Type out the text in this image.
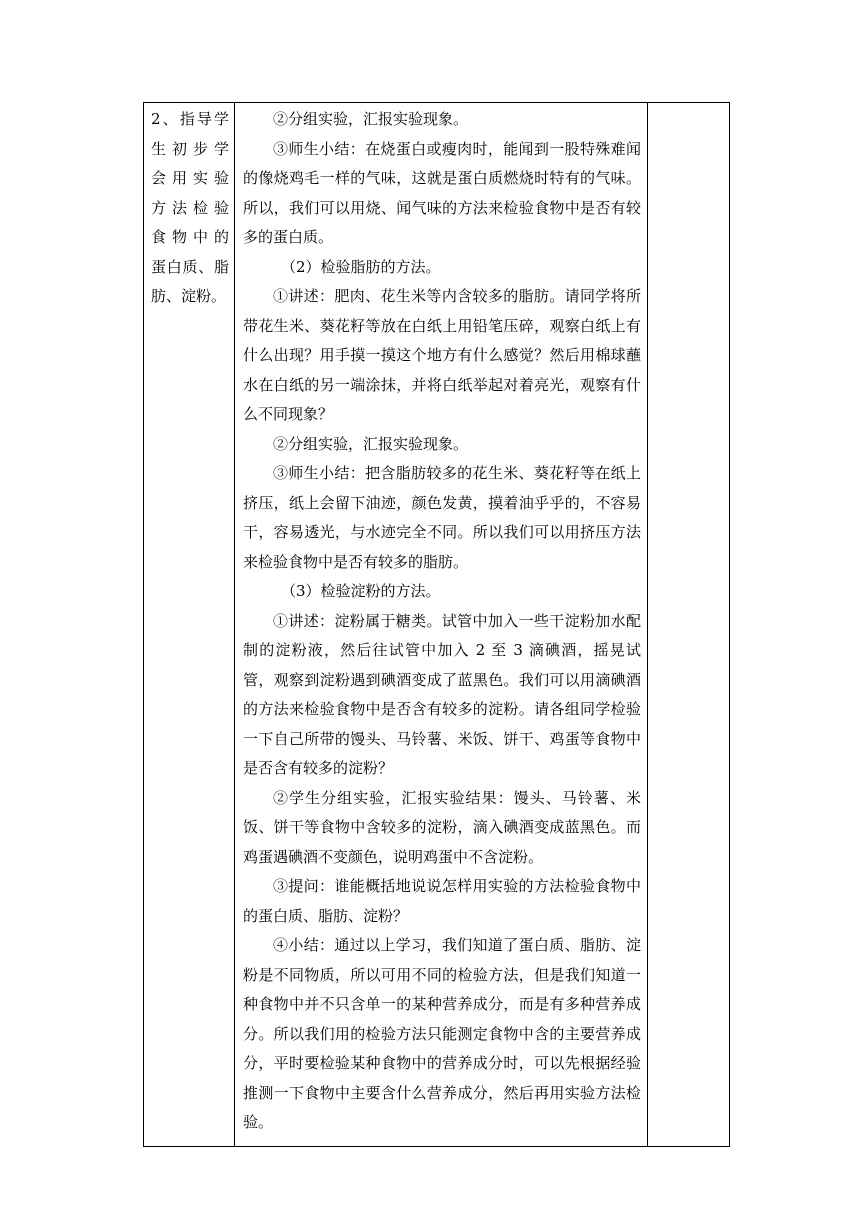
2、指导学
生初步学
会用实验
方法检验
食物中的
蛋白质、脂
肪、淀粉。

②分组实验，汇报实验现象。

③师生小结：在烧蛋白或瘦肉时，能闻到一股特殊难闻的像烧鸡毛一样的气味，这就是蛋白质燃烧时特有的气味。所以，我们可以用烧、闻气味的方法来检验食物中是否有较多的蛋白质。

（2）检验脂肪的方法。

①讲述：肥肉、花生米等内含较多的脂肪。请同学将所带花生米、葵花籽等放在白纸上用铅笔压碎，观察白纸上有什么出现？用手摸一摸这个地方有什么感觉？然后用棉球蘸水在白纸的另一端涂抹，并将白纸举起对着亮光，观察有什么不同现象？

②分组实验，汇报实验现象。

③师生小结：把含脂肪较多的花生米、葵花籽等在纸上挤压，纸上会留下油迹，颜色发黄，摸着油乎乎的，不容易干，容易透光，与水迹完全不同。所以我们可以用挤压方法来检验食物中是否有较多的脂肪。

（3）检验淀粉的方法。

①讲述：淀粉属于糖类。试管中加入一些干淀粉加水配制的淀粉液，然后往试管中加入 2 至 3 滴碘酒，摇晃试管，观察到淀粉遇到碘酒变成了蓝黑色。我们可以用滴碘酒的方法来检验食物中是否含有较多的淀粉。请各组同学检验一下自己所带的馒头、马铃薯、米饭、饼干、鸡蛋等食物中是否含有较多的淀粉？

②学生分组实验，汇报实验结果：馒头、马铃薯、米饭、饼干等食物中含较多的淀粉，滴入碘酒变成蓝黑色。而鸡蛋遇碘酒不变颜色，说明鸡蛋中不含淀粉。

③提问：谁能概括地说说怎样用实验的方法检验食物中的蛋白质、脂肪、淀粉？

④小结：通过以上学习，我们知道了蛋白质、脂肪、淀粉是不同物质，所以可用不同的检验方法，但是我们知道一种食物中并不只含单一的某种营养成分，而是有多种营养成分。所以我们用的检验方法只能测定食物中含的主要营养成分，平时要检验某种食物中的营养成分时，可以先根据经验推测一下食物中主要含什么营养成分，然后再用实验方法检验。
